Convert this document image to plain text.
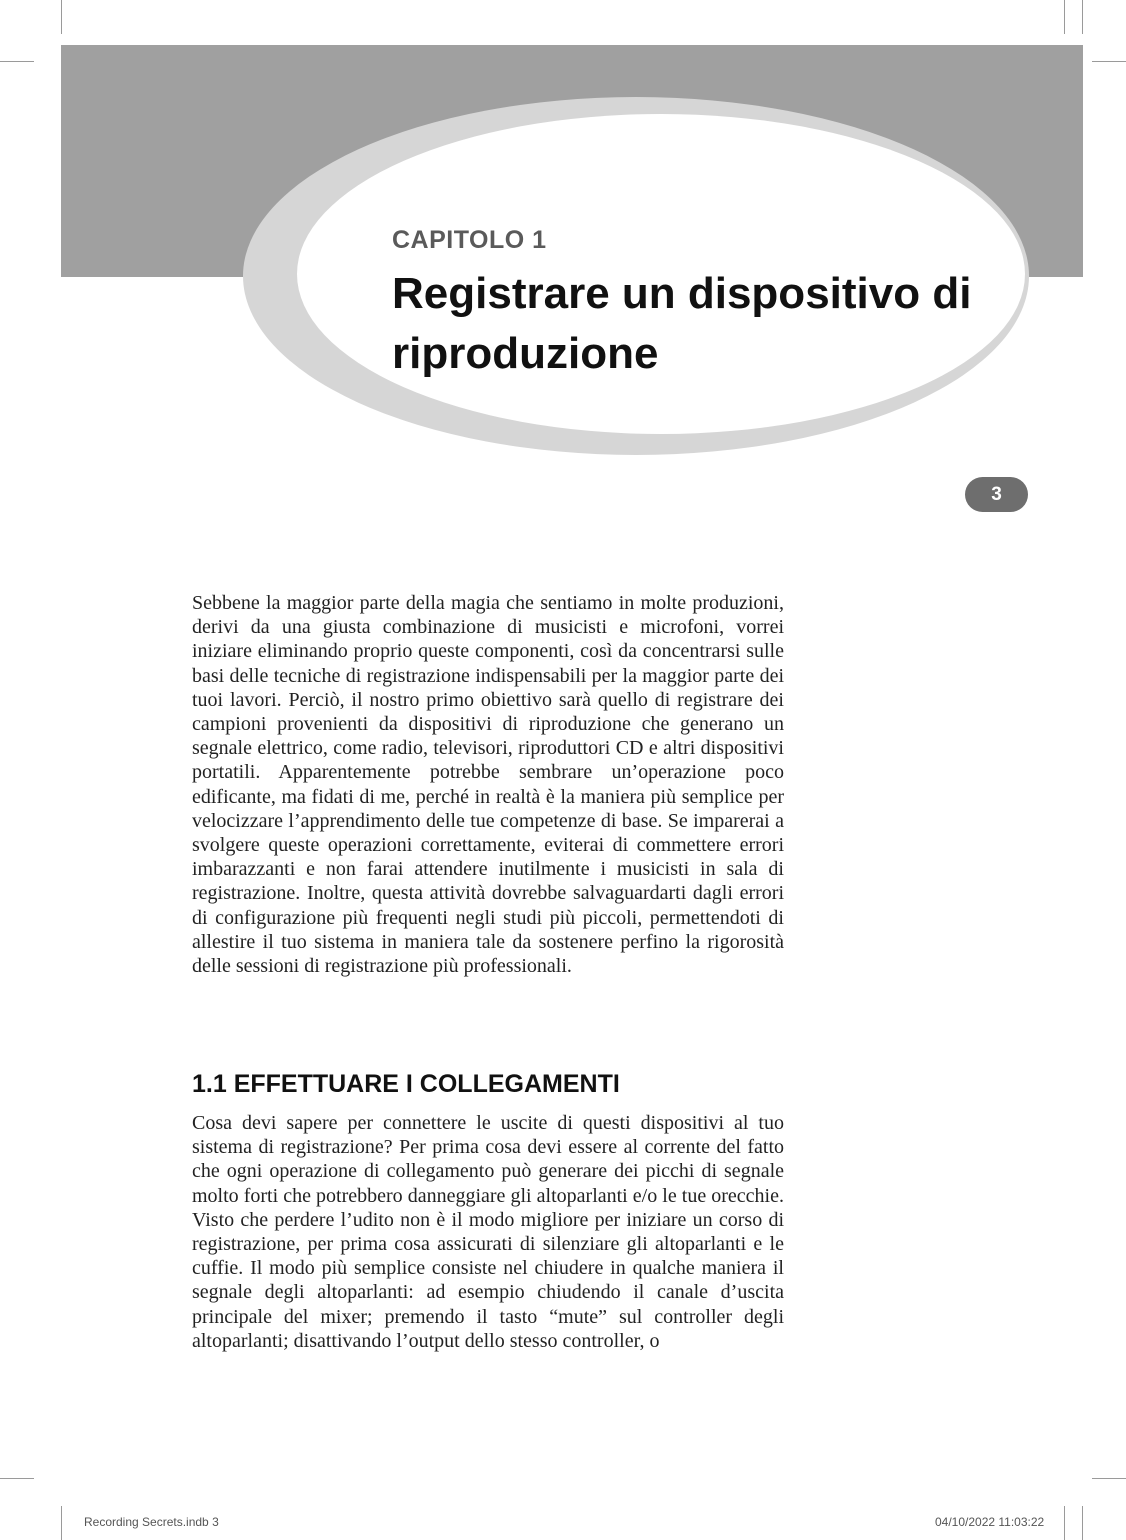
CAPITOLO 1
Registrare un dispositivo di riproduzione
3

Sebbene la maggior parte della magia che sentiamo in molte produzioni, derivi da una giusta combinazione di musicisti e microfoni, vorrei iniziare eliminando proprio queste componenti, così da concentrarsi sulle basi delle tecniche di registrazione indispensabili per la maggior parte dei tuoi lavori. Perciò, il nostro primo obiettivo sarà quello di registrare dei campioni provenienti da dispositivi di riproduzione che generano un segnale elettrico, come radio, televisori, riproduttori CD e altri dispositivi portatili. Apparentemente potrebbe sembrare un’operazione poco edificante, ma fidati di me, perché in realtà è la maniera più semplice per velocizzare l’apprendimento delle tue competenze di base. Se imparerai a svolgere queste operazioni correttamente, eviterai di commettere errori imbarazzanti e non farai attendere inutilmente i musicisti in sala di registrazione. Inoltre, questa attività dovrebbe salvaguardarti dagli errori di configurazione più frequenti negli studi più piccoli, permettendoti di allestire il tuo sistema in maniera tale da sostenere perfino la rigorosità delle sessioni di registrazione più professionali.

1.1 EFFETTUARE I COLLEGAMENTI

Cosa devi sapere per connettere le uscite di questi dispositivi al tuo sistema di registrazione? Per prima cosa devi essere al corrente del fatto che ogni operazione di collegamento può generare dei picchi di segnale molto forti che potrebbero danneggiare gli altoparlanti e/o le tue orecchie. Visto che perdere l’udito non è il modo migliore per iniziare un corso di registrazione, per prima cosa assicurati di silenziare gli altoparlanti e le cuffie. Il modo più semplice consiste nel chiudere in qualche maniera il segnale degli altoparlanti: ad esempio chiudendo il canale d’uscita principale del mixer; premendo il tasto “mute” sul controller degli altoparlanti; disattivando l’output dello stesso controller, o

Recording Secrets.indb 3	04/10/2022 11:03:22
